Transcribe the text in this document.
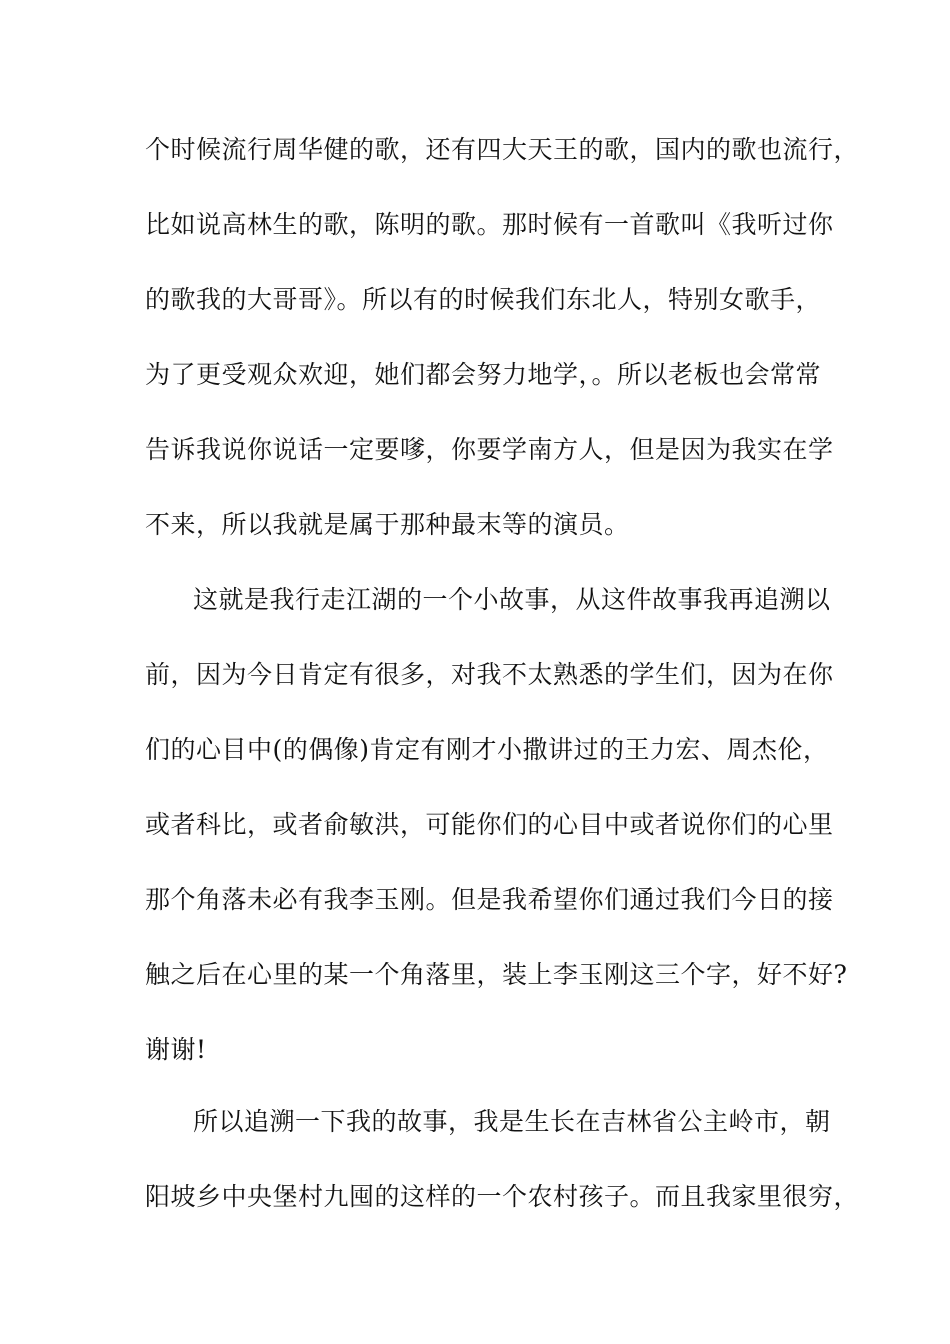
个时候流行周华健的歌，还有四大天王的歌，国内的歌也流行，
比如说高林生的歌，陈明的歌。那时候有一首歌叫《我听过你
的歌我的大哥哥》。所以有的时候我们东北人，特别女歌手，
为了更受观众欢迎，她们都会努力地学，。所以老板也会常常
告诉我说你说话一定要嗲，你要学南方人，但是因为我实在学
不来，所以我就是属于那种最末等的演员。
这就是我行走江湖的一个小故事，从这件故事我再追溯以
前，因为今日肯定有很多，对我不太熟悉的学生们，因为在你
们的心目中(的偶像)肯定有刚才小撒讲过的王力宏、周杰伦，
或者科比，或者俞敏洪，可能你们的心目中或者说你们的心里
那个角落未必有我李玉刚。但是我希望你们通过我们今日的接
触之后在心里的某一个角落里，装上李玉刚这三个字，好不好?
谢谢!
所以追溯一下我的故事，我是生长在吉林省公主岭市，朝
阳坡乡中央堡村九囤的这样的一个农村孩子。而且我家里很穷，
